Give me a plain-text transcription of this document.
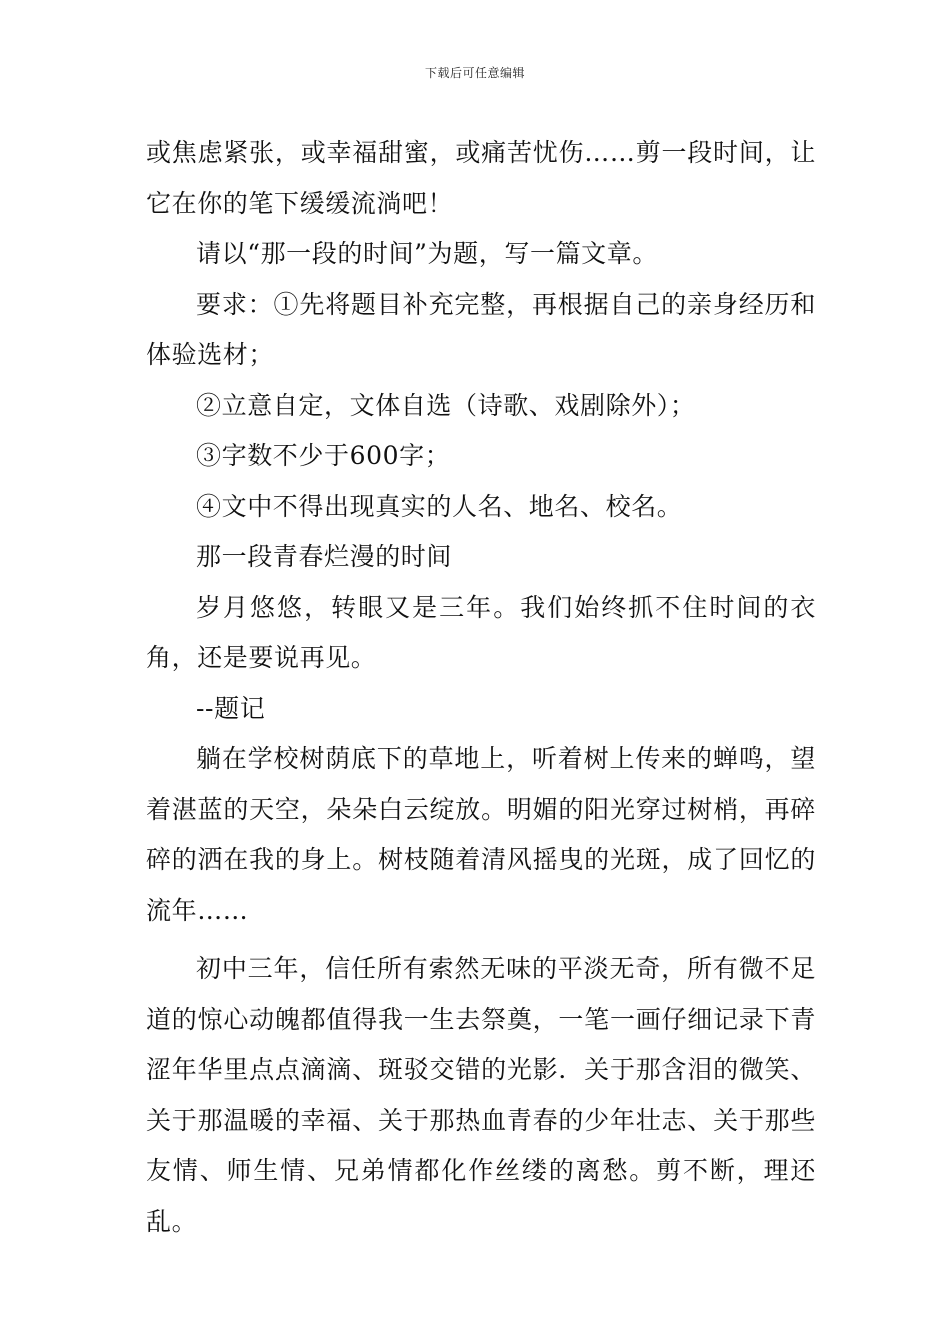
下载后可任意编辑

或焦虑紧张，或幸福甜蜜，或痛苦忧伤……剪一段时间，让它在你的笔下缓缓流淌吧！

请以“那一段的时间”为题，写一篇文章。

要求：①先将题目补充完整，再根据自己的亲身经历和体验选材；

②立意自定，文体自选（诗歌、戏剧除外）；

③字数不少于600字；

④文中不得出现真实的人名、地名、校名。

那一段青春烂漫的时间

岁月悠悠，转眼又是三年。我们始终抓不住时间的衣角，还是要说再见。

--题记

躺在学校树荫底下的草地上，听着树上传来的蝉鸣，望着湛蓝的天空，朵朵白云绽放。明媚的阳光穿过树梢，再碎碎的洒在我的身上。树枝随着清风摇曳的光斑，成了回忆的流年……

初中三年，信任所有索然无味的平淡无奇，所有微不足道的惊心动魄都值得我一生去祭奠，一笔一画仔细记录下青涩年华里点点滴滴、斑驳交错的光影．关于那含泪的微笑、关于那温暖的幸福、关于那热血青春的少年壮志、关于那些友情、师生情、兄弟情都化作丝缕的离愁。剪不断，理还乱。
